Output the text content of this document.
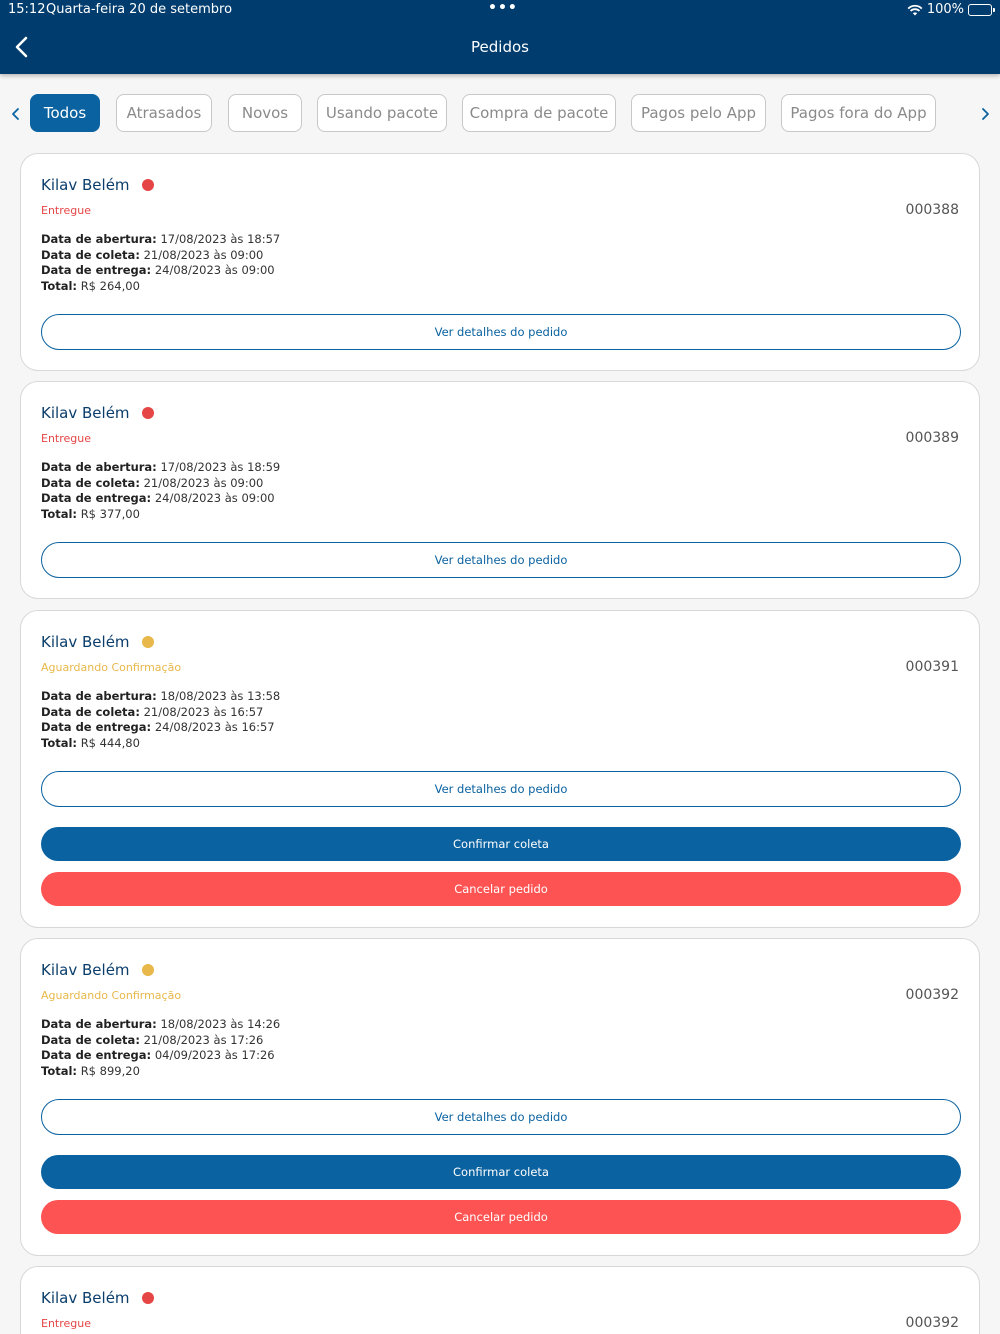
15:12 Quarta-feira 20 de setembro	•••	100%
Pedidos
Todos	Atrasados	Novos	Usando pacote	Compra de pacote	Pagos pelo App	Pagos fora do App
Kilav Belém
Entregue	000388
Data de abertura: 17/08/2023 às 18:57
Data de coleta: 21/08/2023 às 09:00
Data de entrega: 24/08/2023 às 09:00
Total: R$ 264,00
Ver detalhes do pedido
Kilav Belém
Entregue	000389
Data de abertura: 17/08/2023 às 18:59
Data de coleta: 21/08/2023 às 09:00
Data de entrega: 24/08/2023 às 09:00
Total: R$ 377,00
Ver detalhes do pedido
Kilav Belém
Aguardando Confirmação	000391
Data de abertura: 18/08/2023 às 13:58
Data de coleta: 21/08/2023 às 16:57
Data de entrega: 24/08/2023 às 16:57
Total: R$ 444,80
Ver detalhes do pedido
Confirmar coleta
Cancelar pedido
Kilav Belém
Aguardando Confirmação	000392
Data de abertura: 18/08/2023 às 14:26
Data de coleta: 21/08/2023 às 17:26
Data de entrega: 04/09/2023 às 17:26
Total: R$ 899,20
Ver detalhes do pedido
Confirmar coleta
Cancelar pedido
Kilav Belém
Entregue	000392
